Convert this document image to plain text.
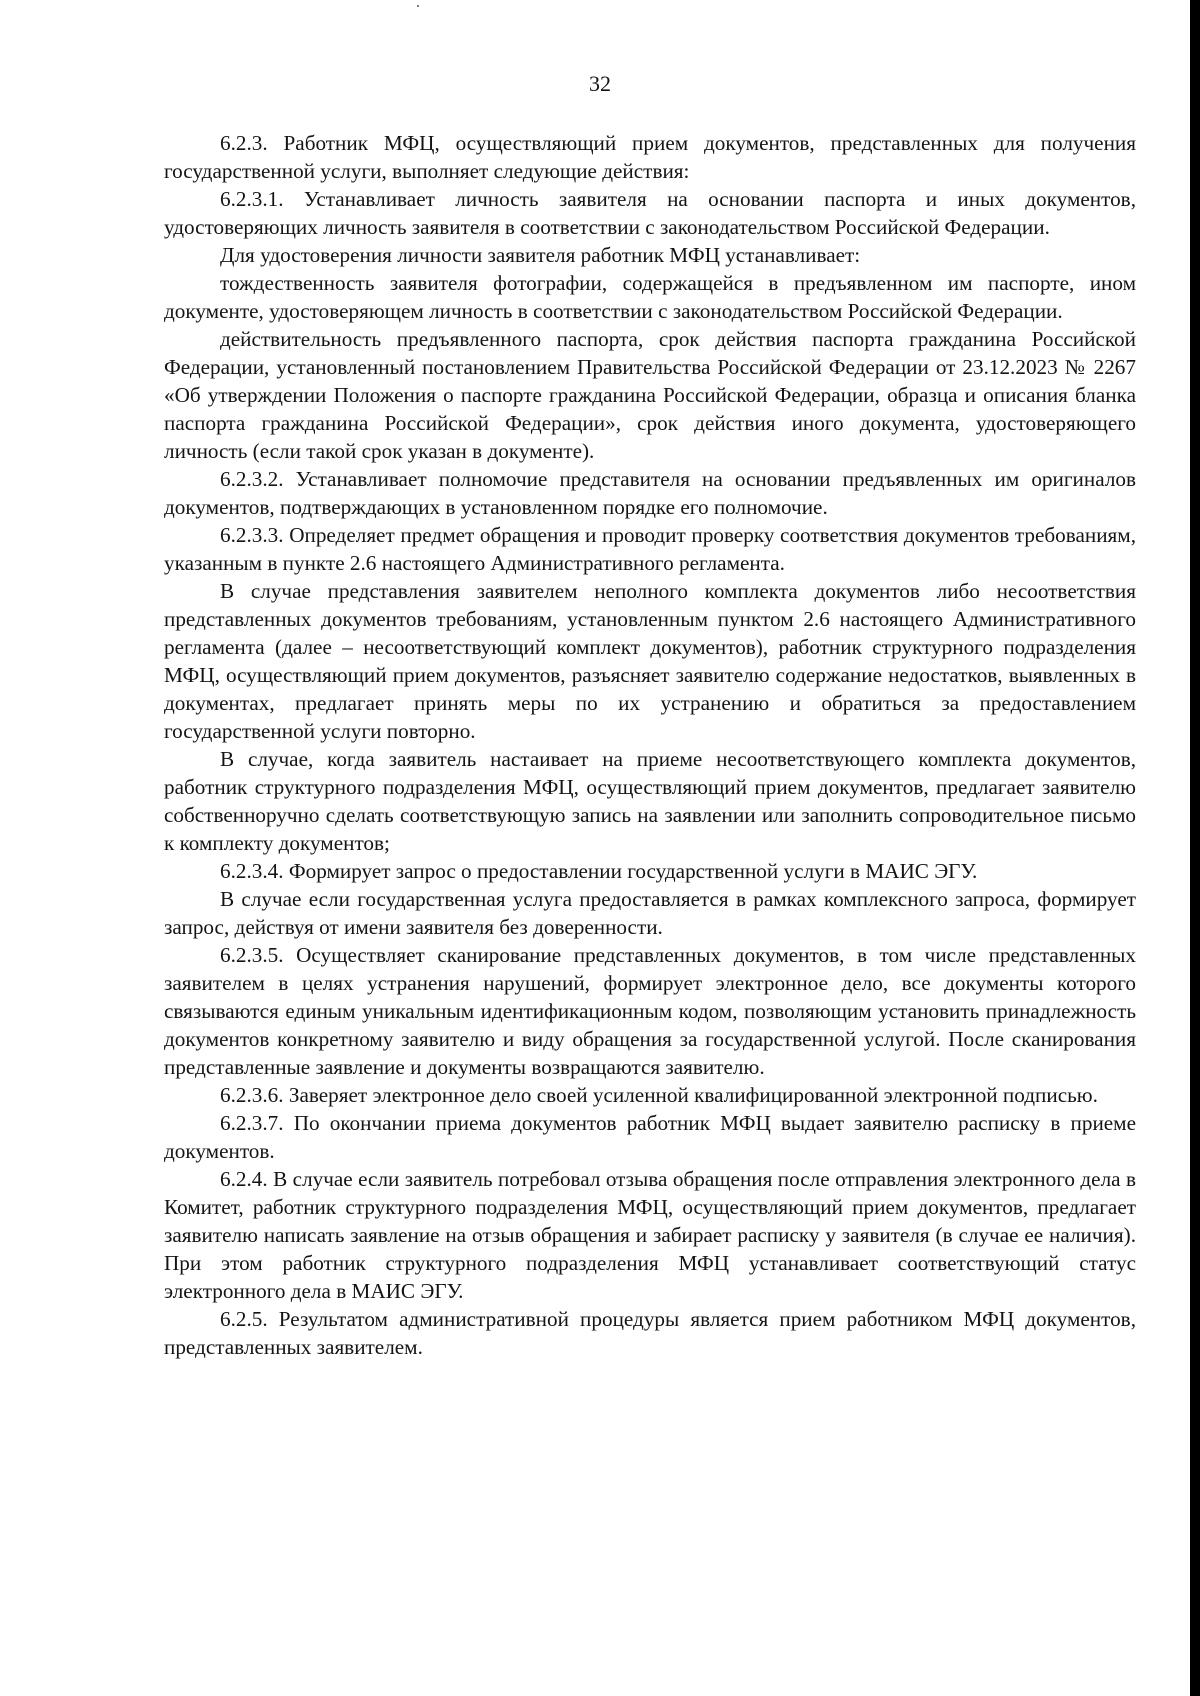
32

6.2.3. Работник МФЦ, осуществляющий прием документов, представленных для получения государственной услуги, выполняет следующие действия:

6.2.3.1. Устанавливает личность заявителя на основании паспорта и иных документов, удостоверяющих личность заявителя в соответствии с законодательством Российской Федерации.

Для удостоверения личности заявителя работник МФЦ устанавливает:

тождественность заявителя фотографии, содержащейся в предъявленном им паспорте, ином документе, удостоверяющем личность в соответствии с законодательством Российской Федерации.

действительность предъявленного паспорта, срок действия паспорта гражданина Российской Федерации, установленный постановлением Правительства Российской Федерации от 23.12.2023 № 2267 «Об утверждении Положения о паспорте гражданина Российской Федерации, образца и описания бланка паспорта гражданина Российской Федерации», срок действия иного документа, удостоверяющего личность (если такой срок указан в документе).

6.2.3.2. Устанавливает полномочие представителя на основании предъявленных им оригиналов документов, подтверждающих в установленном порядке его полномочие.

6.2.3.3. Определяет предмет обращения и проводит проверку соответствия документов требованиям, указанным в пункте 2.6 настоящего Административного регламента.

В случае представления заявителем неполного комплекта документов либо несоответствия представленных документов требованиям, установленным пунктом 2.6 настоящего Административного регламента (далее – несоответствующий комплект документов), работник структурного подразделения МФЦ, осуществляющий прием документов, разъясняет заявителю содержание недостатков, выявленных в документах, предлагает принять меры по их устранению и обратиться за предоставлением государственной услуги повторно.

В случае, когда заявитель настаивает на приеме несоответствующего комплекта документов, работник структурного подразделения МФЦ, осуществляющий прием документов, предлагает заявителю собственноручно сделать соответствующую запись на заявлении или заполнить сопроводительное письмо к комплекту документов;

6.2.3.4. Формирует запрос о предоставлении государственной услуги в МАИС ЭГУ.

В случае если государственная услуга предоставляется в рамках комплексного запроса, формирует запрос, действуя от имени заявителя без доверенности.

6.2.3.5. Осуществляет сканирование представленных документов, в том числе представленных заявителем в целях устранения нарушений, формирует электронное дело, все документы которого связываются единым уникальным идентификационным кодом, позволяющим установить принадлежность документов конкретному заявителю и виду обращения за государственной услугой. После сканирования представленные заявление и документы возвращаются заявителю.

6.2.3.6. Заверяет электронное дело своей усиленной квалифицированной электронной подписью.

6.2.3.7. По окончании приема документов работник МФЦ выдает заявителю расписку в приеме документов.

6.2.4. В случае если заявитель потребовал отзыва обращения после отправления электронного дела в Комитет, работник структурного подразделения МФЦ, осуществляющий прием документов, предлагает заявителю написать заявление на отзыв обращения и забирает расписку у заявителя (в случае ее наличия). При этом работник структурного подразделения МФЦ устанавливает соответствующий статус электронного дела в МАИС ЭГУ.

6.2.5. Результатом административной процедуры является прием работником МФЦ документов, представленных заявителем.
